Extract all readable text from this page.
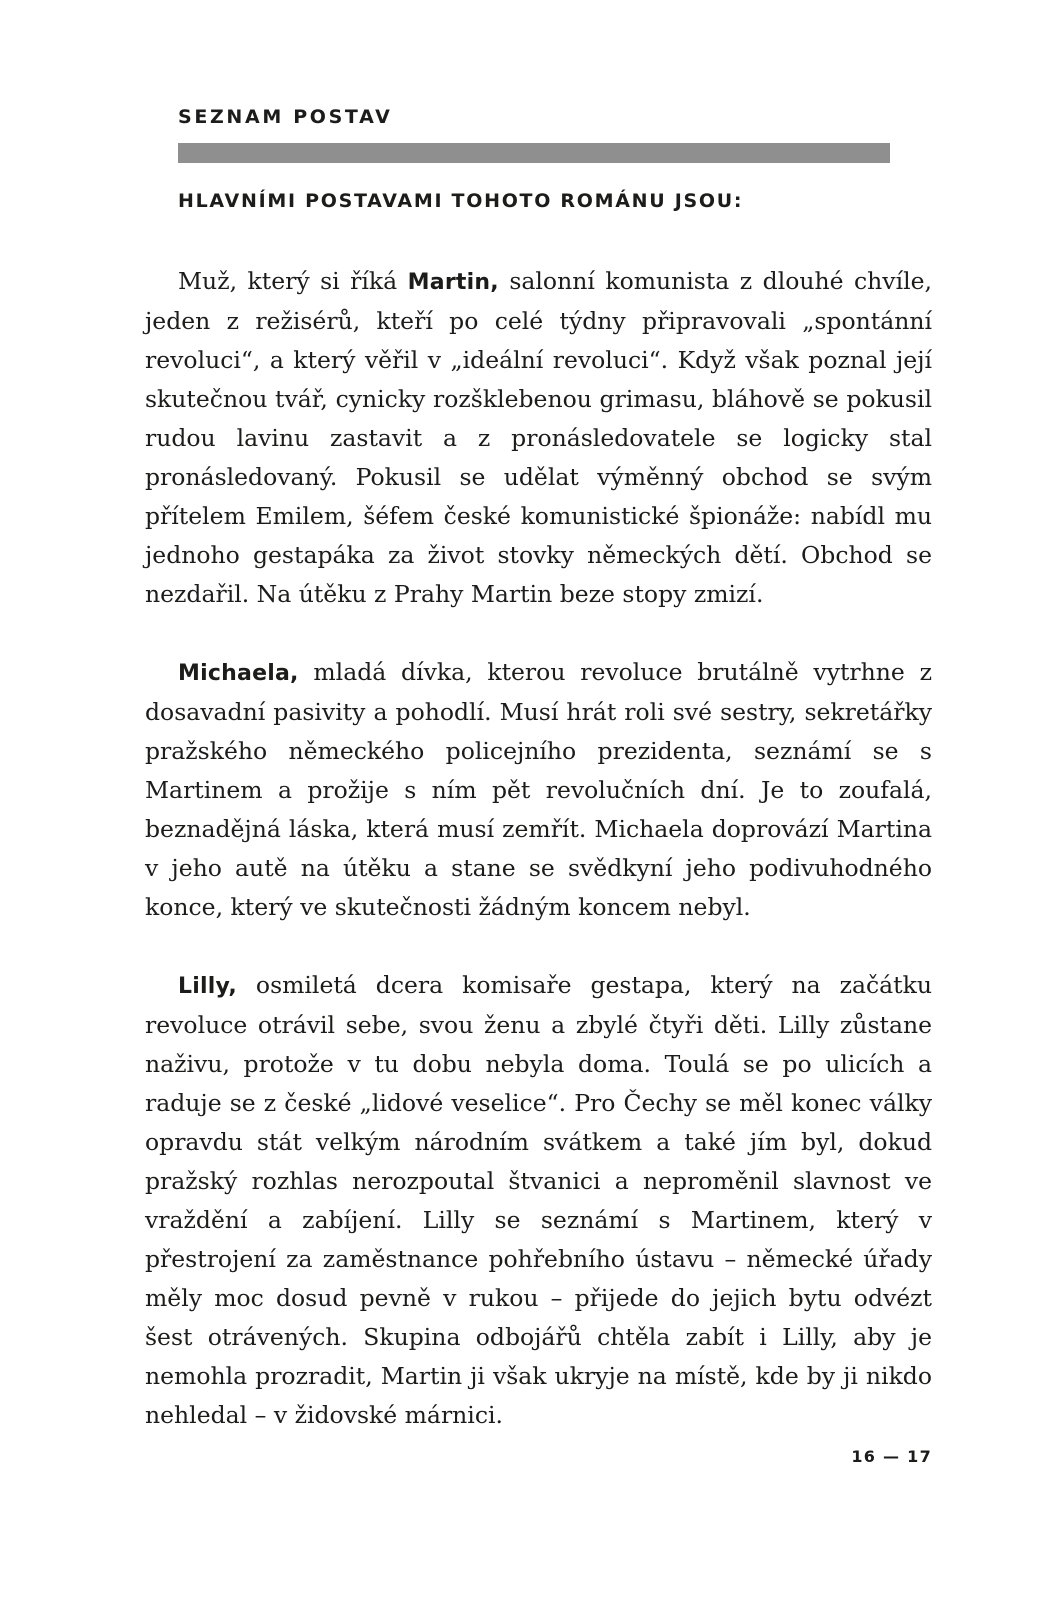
SEZNAM POSTAV
HLAVNÍMI POSTAVAMI TOHOTO ROMÁNU JSOU:

Muž, který si říká Martin, salonní komunista z dlouhé chvíle, jeden z režisérů, kteří po celé týdny připravovali „spontánní revoluci“, a který věřil v „ideální revoluci“. Když však poznal její skutečnou tvář, cynicky rozšklebenou grimasu, bláhově se pokusil rudou lavinu zastavit a z pronásledovatele se logicky stal pronásledovaný. Pokusil se udělat výměnný obchod se svým přítelem Emilem, šéfem české komunistické špionáže: nabídl mu jednoho gestapáka za život stovky německých dětí. Obchod se nezdařil. Na útěku z Prahy Martin beze stopy zmizí.

Michaela, mladá dívka, kterou revoluce brutálně vytrhne z dosavadní pasivity a pohodlí. Musí hrát roli své sestry, sekretářky pražského německého policejního prezidenta, seznámí se s Martinem a prožije s ním pět revolučních dní. Je to zoufalá, beznadějná láska, která musí zemřít. Michaela doprovází Martina v jeho autě na útěku a stane se svědkyní jeho podivuhodného konce, který ve skutečnosti žádným koncem nebyl.

Lilly, osmiletá dcera komisaře gestapa, který na začátku revoluce otrávil sebe, svou ženu a zbylé čtyři děti. Lilly zůstane naživu, protože v tu dobu nebyla doma. Toulá se po ulicích a raduje se z české „lidové veselice“. Pro Čechy se měl konec války opravdu stát velkým národním svátkem a také jím byl, dokud pražský rozhlas nerozpoutal štvanici a neproměnil slavnost ve vraždění a zabíjení. Lilly se seznámí s Martinem, který v přestrojení za zaměstnance pohřebního ústavu – německé úřady měly moc dosud pevně v rukou – přijede do jejich bytu odvézt šest otrávených. Skupina odbojářů chtěla zabít i Lilly, aby je nemohla prozradit, Martin ji však ukryje na místě, kde by ji nikdo nehledal – v židovské márnici.

16 — 17
